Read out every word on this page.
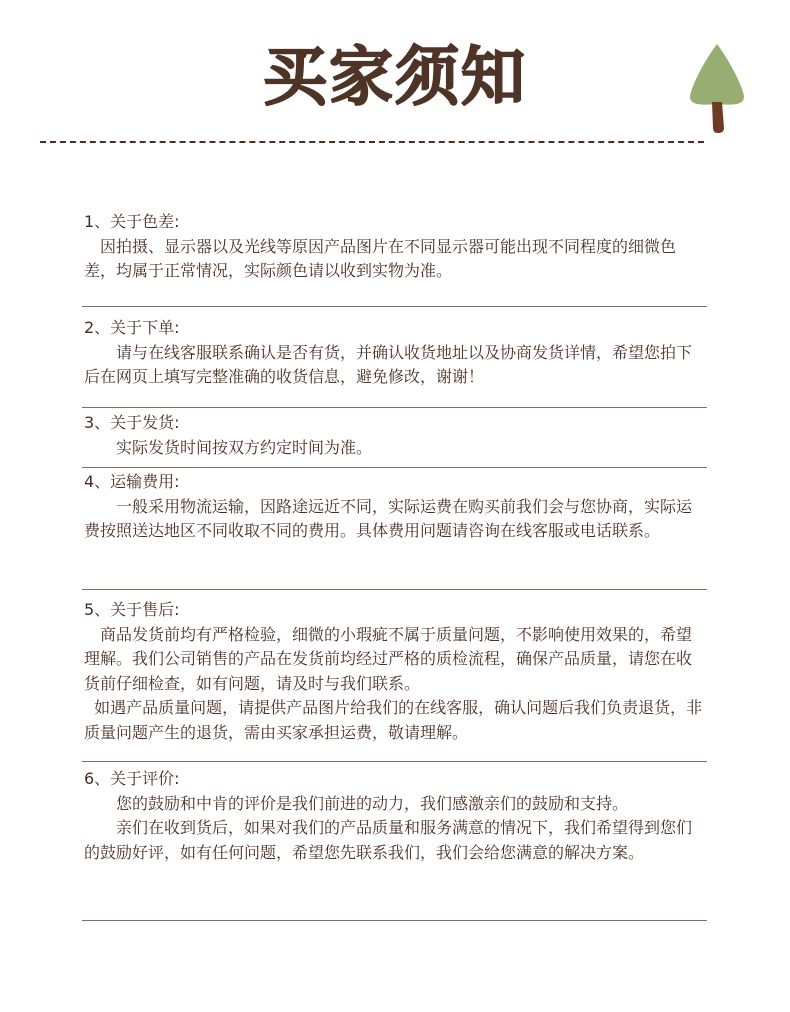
买家须知
1、关于色差:

　因拍摄、显示器以及光线等原因产品图片在不同显示器可能出现不同程度的细微色差，均属于正常情况，实际颜色请以收到实物为准。

2、关于下单:

　　请与在线客服联系确认是否有货，并确认收货地址以及协商发货详情，希望您拍下后在网页上填写完整准确的收货信息，避免修改，谢谢！

3、关于发货:

　　实际发货时间按双方约定时间为准。

4、运输费用:

　　一般采用物流运输，因路途远近不同，实际运费在购买前我们会与您协商，实际运费按照送达地区不同收取不同的费用。具体费用问题请咨询在线客服或电话联系。

5、关于售后:

　商品发货前均有严格检验，细微的小瑕疵不属于质量问题，不影响使用效果的，希望理解。我们公司销售的产品在发货前均经过严格的质检流程，确保产品质量，请您在收货前仔细检查，如有问题，请及时与我们联系。

如遇产品质量问题，请提供产品图片给我们的在线客服，确认问题后我们负责退货，非质量问题产生的退货，需由买家承担运费，敬请理解。

6、关于评价:

　　您的鼓励和中肯的评价是我们前进的动力，我们感激亲们的鼓励和支持。

　　亲们在收到货后，如果对我们的产品质量和服务满意的情况下，我们希望得到您们的鼓励好评，如有任何问题，希望您先联系我们，我们会给您满意的解决方案。
